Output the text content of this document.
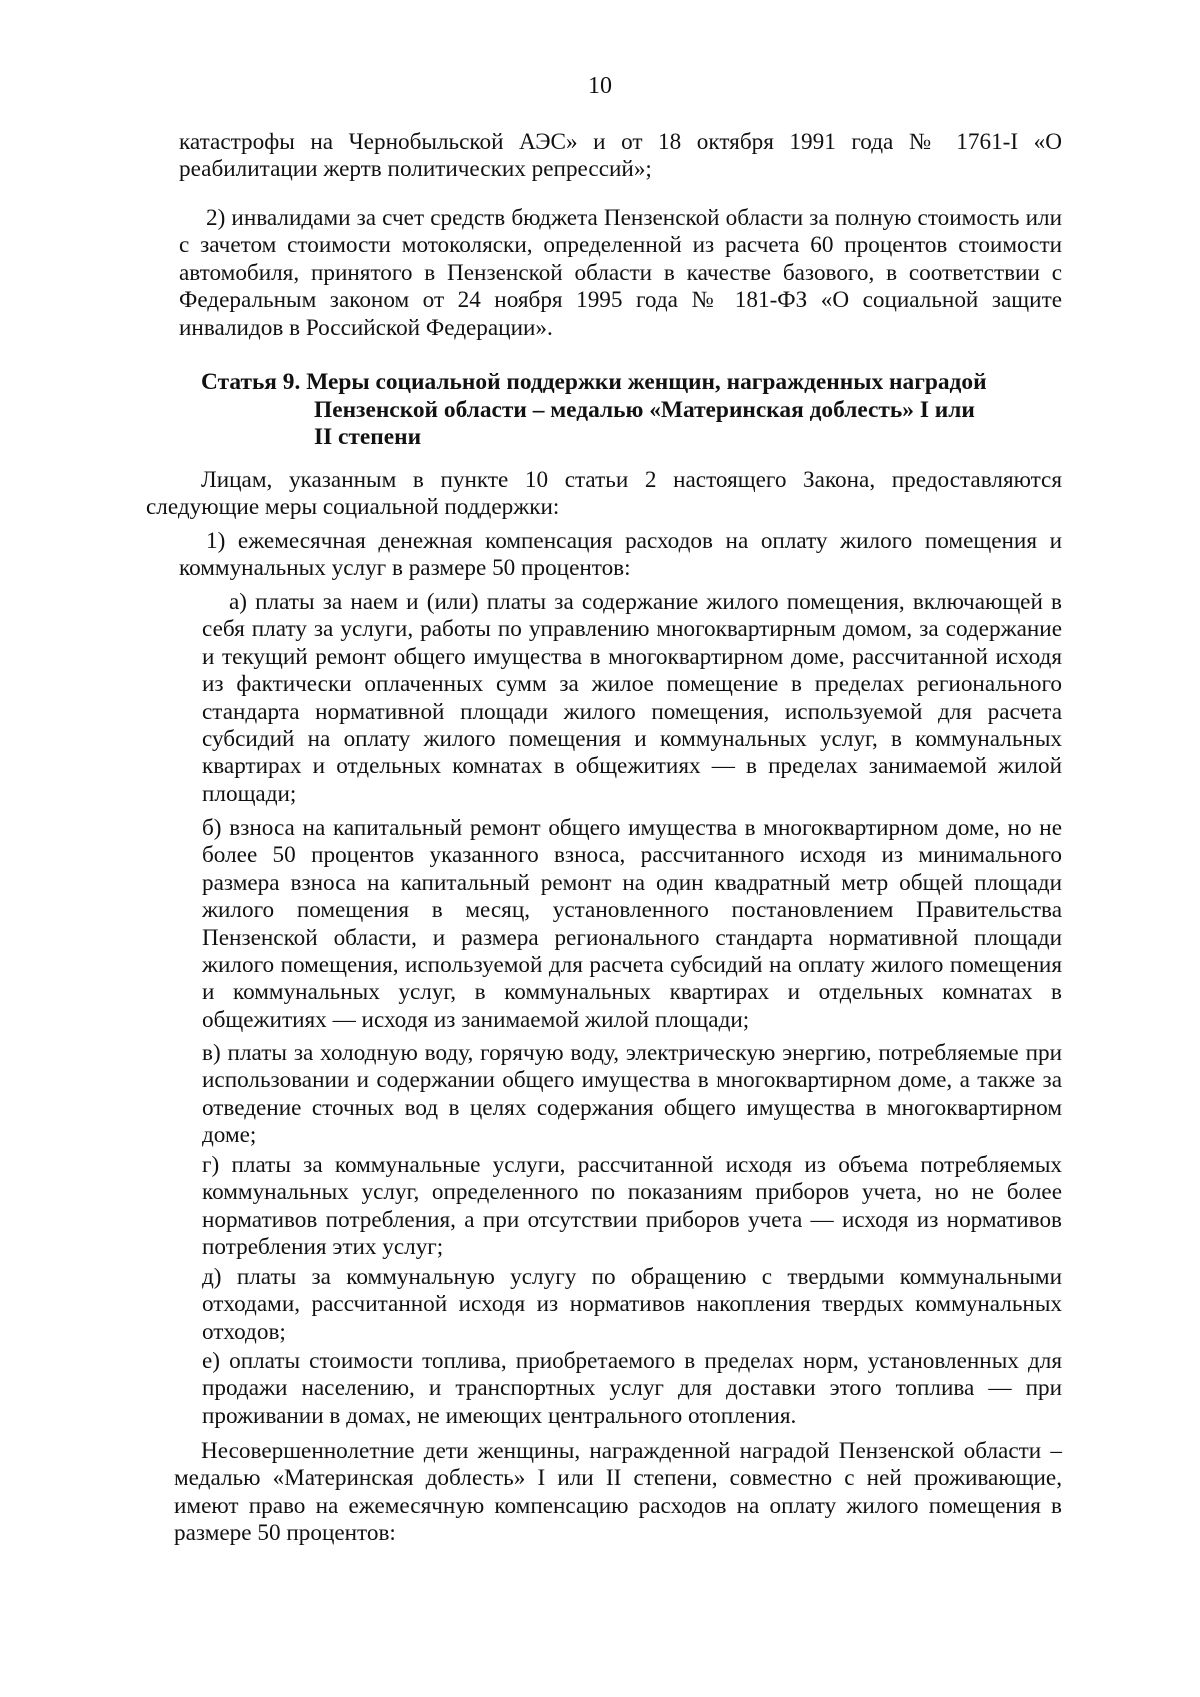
10

катастрофы на Чернобыльской АЭС» и от 18 октября 1991 года № 1761-I «О реабилитации жертв политических репрессий»;

2) инвалидами за счет средств бюджета Пензенской области за полную стоимость или с зачетом стоимости мотоколяски, определенной из расчета 60 процентов стоимости автомобиля, принятого в Пензенской области в качестве базового, в соответствии с Федеральным законом от 24 ноября 1995 года № 181-ФЗ «О социальной защите инвалидов в Российской Федерации».

Статья 9. Меры социальной поддержки женщин, награжденных наградой
Пензенской области – медалью «Материнская доблесть» I или
II степени

Лицам, указанным в пункте 10 статьи 2 настоящего Закона, предоставляются следующие меры социальной поддержки:

1) ежемесячная денежная компенсация расходов на оплату жилого помещения и коммунальных услуг в размере 50 процентов:

а) платы за наем и (или) платы за содержание жилого помещения, включающей в себя плату за услуги, работы по управлению многоквартирным домом, за содержание и текущий ремонт общего имущества в многоквартирном доме, рассчитанной исходя из фактически оплаченных сумм за жилое помещение в пределах регионального стандарта нормативной площади жилого помещения, используемой для расчета субсидий на оплату жилого помещения и коммунальных услуг, в коммунальных квартирах и отдельных комнатах в общежитиях — в пределах занимаемой жилой площади;

б) взноса на капитальный ремонт общего имущества в многоквартирном доме, но не более 50 процентов указанного взноса, рассчитанного исходя из минимального размера взноса на капитальный ремонт на один квадратный метр общей площади жилого помещения в месяц, установленного постановлением Правительства Пензенской области, и размера регионального стандарта нормативной площади жилого помещения, используемой для расчета субсидий на оплату жилого помещения и коммунальных услуг, в коммунальных квартирах и отдельных комнатах в общежитиях — исходя из занимаемой жилой площади;

в) платы за холодную воду, горячую воду, электрическую энергию, потребляемые при использовании и содержании общего имущества в многоквартирном доме, а также за отведение сточных вод в целях содержания общего имущества в многоквартирном доме;

г) платы за коммунальные услуги, рассчитанной исходя из объема потребляемых коммунальных услуг, определенного по показаниям приборов учета, но не более нормативов потребления, а при отсутствии приборов учета — исходя из нормативов потребления этих услуг;

д) платы за коммунальную услугу по обращению с твердыми коммунальными отходами, рассчитанной исходя из нормативов накопления твердых коммунальных отходов;

е) оплаты стоимости топлива, приобретаемого в пределах норм, установленных для продажи населению, и транспортных услуг для доставки этого топлива — при проживании в домах, не имеющих центрального отопления.

Несовершеннолетние дети женщины, награжденной наградой Пензенской области – медалью «Материнская доблесть» I или II степени, совместно с ней проживающие, имеют право на ежемесячную компенсацию расходов на оплату жилого помещения в размере 50 процентов:
